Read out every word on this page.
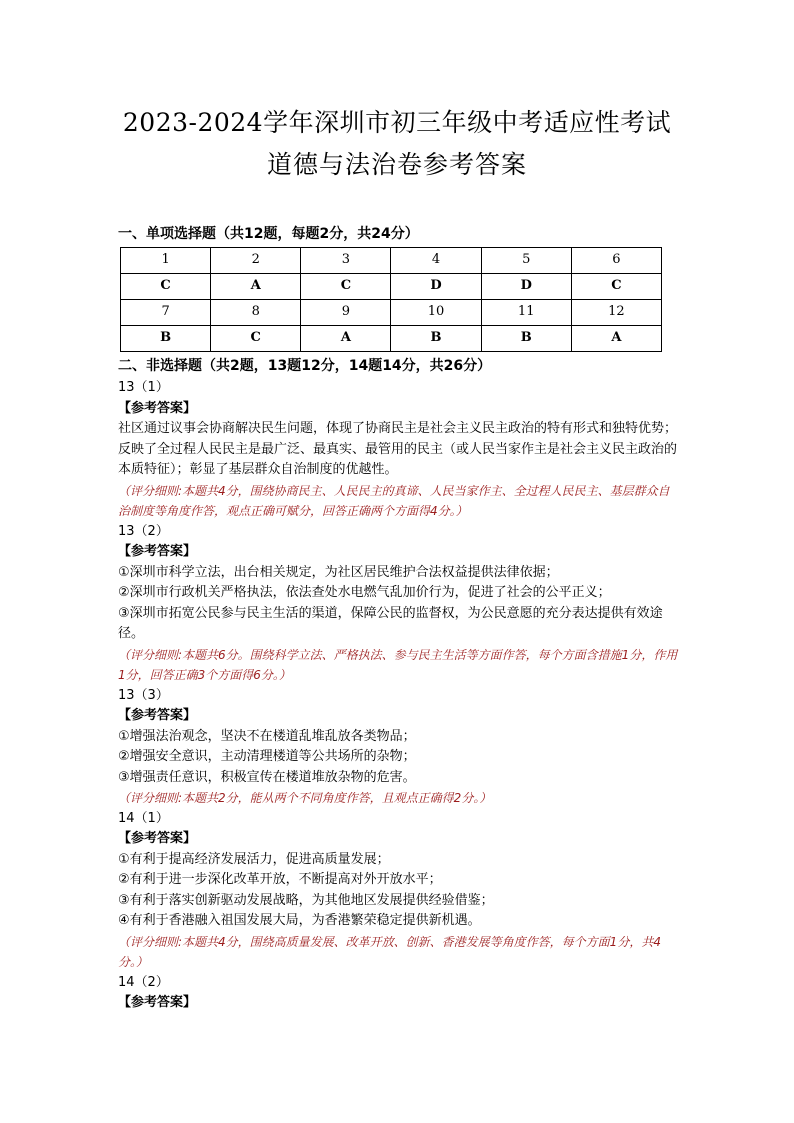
2023-2024学年深圳市初三年级中考适应性考试
道德与法治卷参考答案
一、单项选择题（共12题，每题2分，共24分）
1	2	3	4	5	6
C	A	C	D	D	C
7	8	9	10	11	12
B	C	A	B	B	A
二、非选择题（共2题，13题12分，14题14分，共26分）
13（1）
【参考答案】
社区通过议事会协商解决民生问题，体现了协商民主是社会主义民主政治的特有形式和独特优势；反映了全过程人民民主是最广泛、最真实、最管用的民主（或人民当家作主是社会主义民主政治的本质特征）；彰显了基层群众自治制度的优越性。
（评分细则:本题共4分，围绕协商民主、人民民主的真谛、人民当家作主、全过程人民民主、基层群众自治制度等角度作答，观点正确可赋分，回答正确两个方面得4分。）
13（2）
【参考答案】
①深圳市科学立法，出台相关规定，为社区居民维护合法权益提供法律依据；
②深圳市行政机关严格执法，依法查处水电燃气乱加价行为，促进了社会的公平正义；
③深圳市拓宽公民参与民主生活的渠道，保障公民的监督权，为公民意愿的充分表达提供有效途径。
（评分细则:本题共6分。围绕科学立法、严格执法、参与民主生活等方面作答，每个方面含措施1分，作用1分，回答正确3个方面得6分。）
13（3）
【参考答案】
①增强法治观念，坚决不在楼道乱堆乱放各类物品；
②增强安全意识，主动清理楼道等公共场所的杂物；
③增强责任意识，积极宣传在楼道堆放杂物的危害。
（评分细则:本题共2分，能从两个不同角度作答，且观点正确得2分。）
14（1）
【参考答案】
①有利于提高经济发展活力，促进高质量发展；
②有利于进一步深化改革开放，不断提高对外开放水平；
③有利于落实创新驱动发展战略，为其他地区发展提供经验借鉴；
④有利于香港融入祖国发展大局，为香港繁荣稳定提供新机遇。
（评分细则:本题共4分，围绕高质量发展、改革开放、创新、香港发展等角度作答，每个方面1分，共4分。）
14（2）
【参考答案】
